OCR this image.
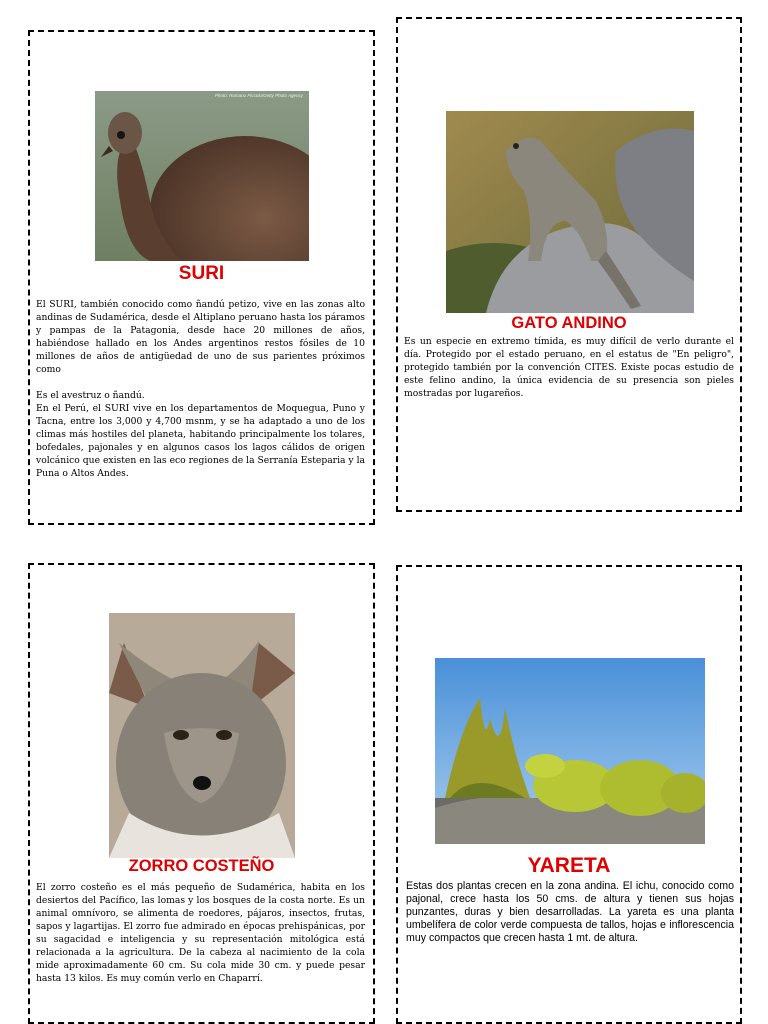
Photo: Romano Piccolo/Getty Photo Agency
SURI

El SURI, también conocido como ñandú petizo, vive en las zonas alto andinas de Sudamérica, desde el Altiplano peruano hasta los páramos y pampas de la Patagonia, desde hace 20 millones de años, habiéndose hallado en los Andes argentinos restos fósiles de 10 millones de años de antigüedad de uno de sus parientes próximos como

Es el avestruz o ñandú.

En el Perú, el SURI vive en los departamentos de Moquegua, Puno y Tacna, entre los 3,000 y 4,700 msnm, y se ha adaptado a uno de los climas más hostiles del planeta, habitando principalmente los tolares, bofedales, pajonales y en algunos casos los lagos cálidos de origen volcánico que existen en las eco regiones de la Serranía Esteparia y la Puna o Altos Andes.

GATO ANDINO

Es un especie en extremo tímida, es muy difícil de verlo durante el día. Protegido por el estado peruano, en el estatus de "En peligro", protegido también por la convención CITES. Existe pocas estudio de este felino andino, la única evidencia de su presencia son pieles mostradas por lugareños.

ZORRO COSTEÑO

El zorro costeño es el más pequeño de Sudamérica, habita en los desiertos del Pacífico, las lomas y los bosques de la costa norte. Es un animal omnívoro, se alimenta de roedores, pájaros, insectos, frutas, sapos y lagartijas. El zorro fue admirado en épocas prehispánicas, por su sagacidad e inteligencia y su representación mitológica está relacionada a la agricultura. De la cabeza al nacimiento de la cola mide aproximadamente 60 cm. Su cola mide 30 cm. y puede pesar hasta 13 kilos. Es muy común verlo en Chaparrí.

YARETA

Estas dos plantas crecen en la zona andina. El ichu, conocido como pajonal, crece hasta los 50 cms. de altura y tienen sus hojas punzantes, duras y bien desarrolladas. La yareta es una planta umbelífera de color verde compuesta de tallos, hojas e inflorescencia muy compactos que crecen hasta 1 mt. de altura.
